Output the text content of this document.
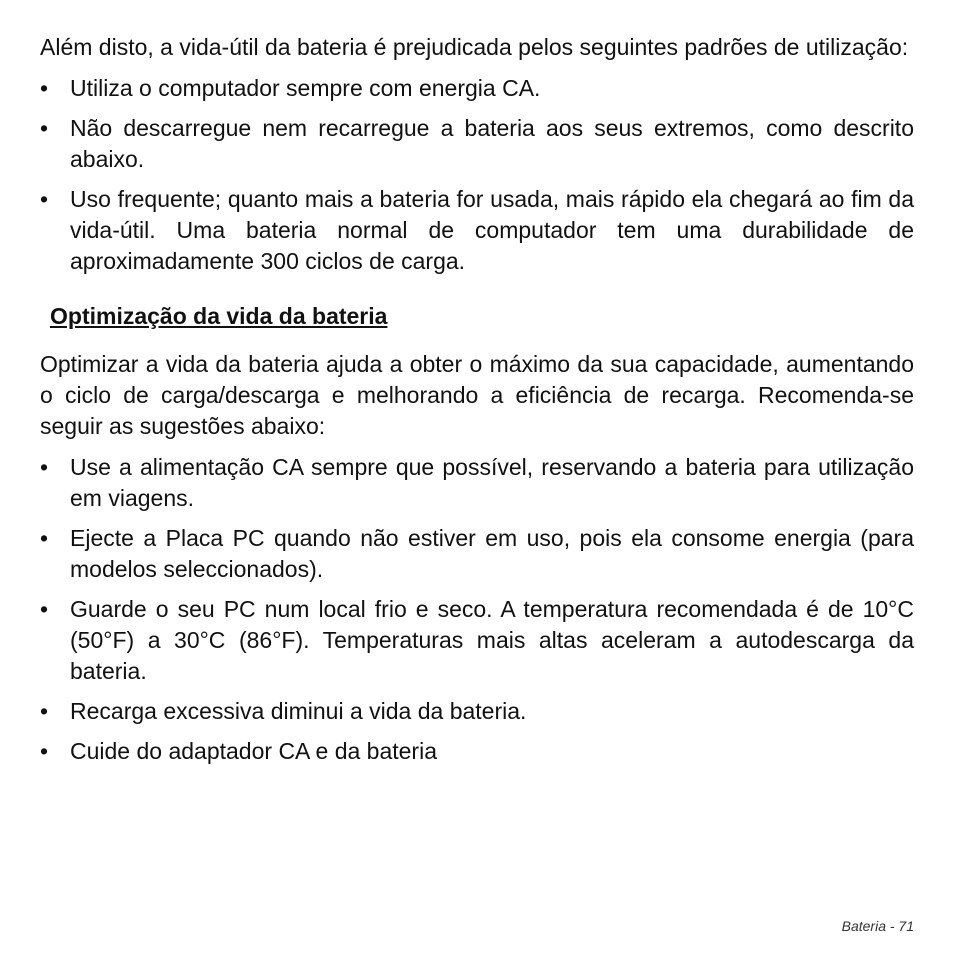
Além disto, a vida-útil da bateria é prejudicada pelos seguintes padrões de utilização:

• Utiliza o computador sempre com energia CA.
• Não descarregue nem recarregue a bateria aos seus extremos, como descrito abaixo.
• Uso frequente; quanto mais a bateria for usada, mais rápido ela chegará ao fim da vida-útil. Uma bateria normal de computador tem uma durabilidade de aproximadamente 300 ciclos de carga.
Optimização da vida da bateria

Optimizar a vida da bateria ajuda a obter o máximo da sua capacidade, aumentando o ciclo de carga/descarga e melhorando a eficiência de recarga. Recomenda-se seguir as sugestões abaixo:

• Use a alimentação CA sempre que possível, reservando a bateria para utilização em viagens.
• Ejecte a Placa PC quando não estiver em uso, pois ela consome energia (para modelos seleccionados).
• Guarde o seu PC num local frio e seco. A temperatura recomendada é de 10°C (50°F) a 30°C (86°F). Temperaturas mais altas aceleram a autodescarga da bateria.
• Recarga excessiva diminui a vida da bateria.
• Cuide do adaptador CA e da bateria
Bateria - 71
